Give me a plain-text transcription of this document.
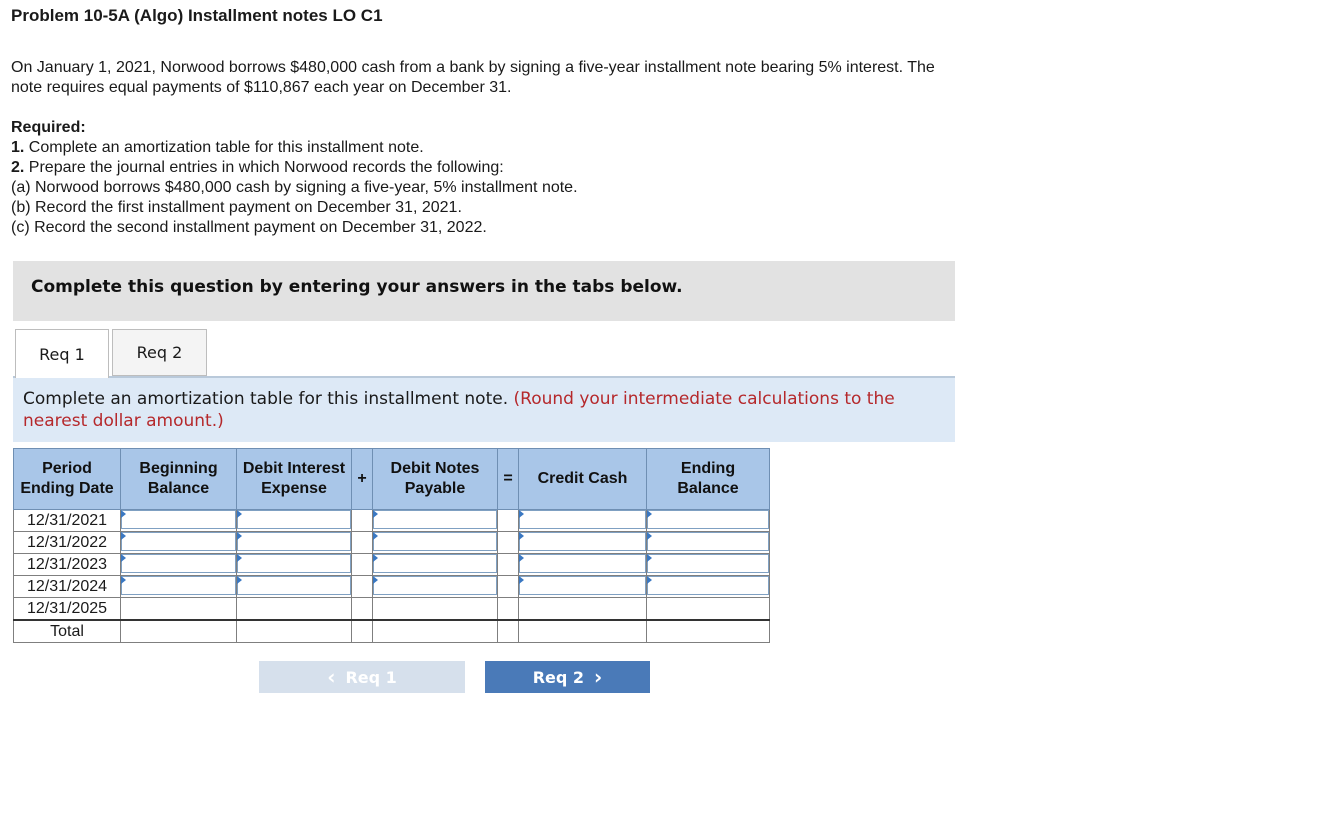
Problem 10-5A (Algo) Installment notes LO C1
On January 1, 2021, Norwood borrows $480,000 cash from a bank by signing a five-year installment note bearing 5% interest. The note requires equal payments of $110,867 each year on December 31.
Required:
1. Complete an amortization table for this installment note.
2. Prepare the journal entries in which Norwood records the following:
(a) Norwood borrows $480,000 cash by signing a five-year, 5% installment note.
(b) Record the first installment payment on December 31, 2021.
(c) Record the second installment payment on December 31, 2022.
Complete this question by entering your answers in the tabs below.
Req 1	Req 2
Complete an amortization table for this installment note. (Round your intermediate calculations to the nearest dollar amount.)
Period Ending Date	Beginning Balance	Debit Interest Expense	+	Debit Notes Payable	=	Credit Cash	Ending Balance
12/31/2021	

12/31/2022	

12/31/2023	

12/31/2024	

12/31/2025							
Total							
‹ Req 1	Req 2 ›
